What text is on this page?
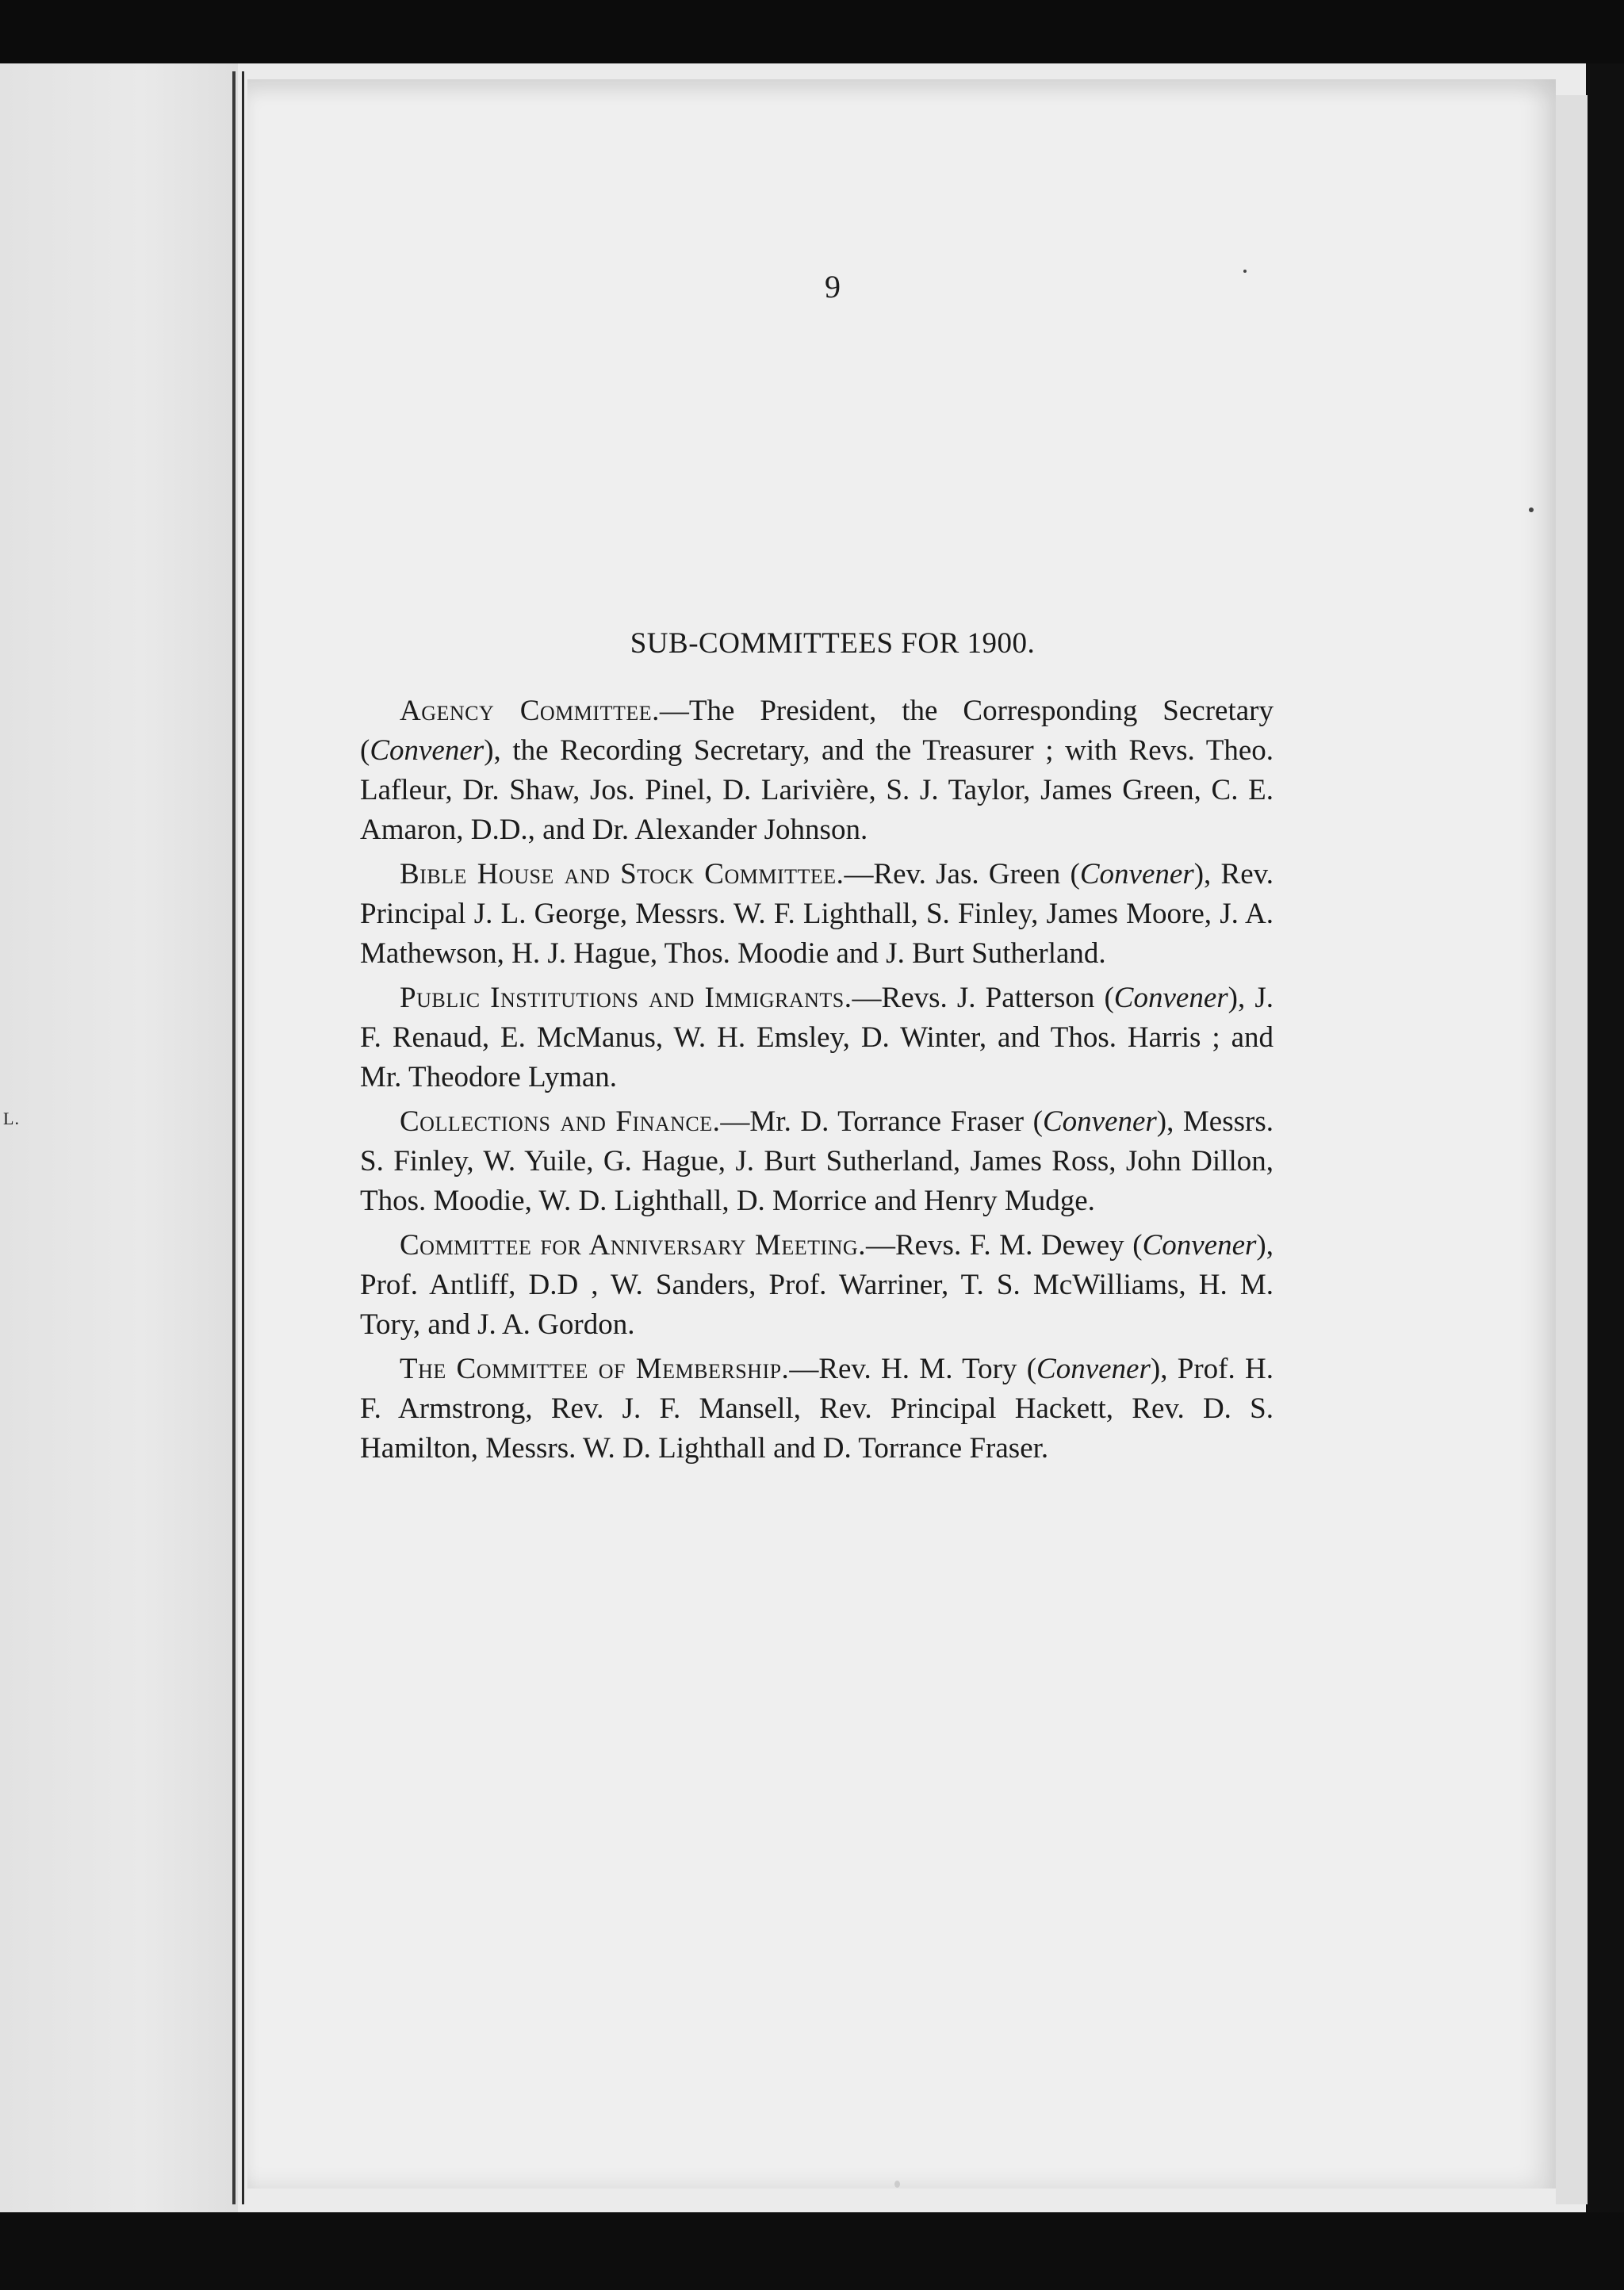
L.
9
SUB-COMMITTEES FOR 1900.

Agency Committee.—The President, the Corresponding Secretary (Convener), the Recording Secretary, and the Treasurer ; with Revs. Theo. Lafleur, Dr. Shaw, Jos. Pinel, D. Larivière, S. J. Taylor, James Green, C. E. Amaron, D.D., and Dr. Alexander Johnson.

Bible House and Stock Committee.—Rev. Jas. Green (Convener), Rev. Principal J. L. George, Messrs. W. F. Lighthall, S. Finley, James Moore, J. A. Mathewson, H. J. Hague, Thos. Moodie and J. Burt Sutherland.

Public Institutions and Immigrants.—Revs. J. Patterson (Convener), J. F. Renaud, E. McManus, W. H. Emsley, D. Winter, and Thos. Harris ; and Mr. Theodore Lyman.

Collections and Finance.—Mr. D. Torrance Fraser (Convener), Messrs. S. Finley, W. Yuile, G. Hague, J. Burt Sutherland, James Ross, John Dillon, Thos. Moodie, W. D. Lighthall, D. Morrice and Henry Mudge.

Committee for Anniversary Meeting.—Revs. F. M. Dewey (Convener), Prof. Antliff, D.D , W. Sanders, Prof. Warriner, T. S. McWilliams, H. M. Tory, and J. A. Gordon.

The Committee of Membership.—Rev. H. M. Tory (Convener), Prof. H. F. Armstrong, Rev. J. F. Mansell, Rev. Principal Hackett, Rev. D. S. Hamilton, Messrs. W. D. Lighthall and D. Torrance Fraser.
